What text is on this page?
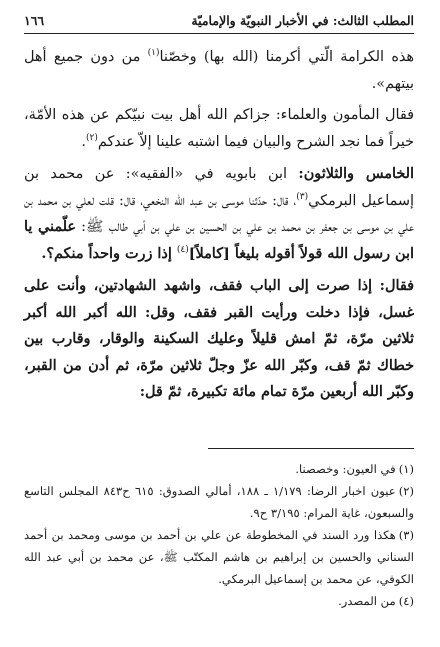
المطلب الثالث: في الأخبار النبويّة والإماميّة
١٦٦

هذه الكرامة الّتي أكرمنا (الله بها) وخصّنا$^{(١)}$ من دون جميع أهل بيتهم».

فقال المأمون والعلماء: جزاكم الله أهل بيت نبيّكم عن هذه الأمّة، خيراً فما نجد الشرح والبيان فيما اشتبه علينا إلاّ عندكم$^{(٢)}$.

الخامس والثلاثون: ابن بابويه في «الفقيه»: عن محمد بن إسماعيل البرمكي$^{(٣)}$، قال: حدّثنا موسى بن عبد الله النخعي، قال: قلت لعلي بن محمد بن علي بن موسى بن جعفر بن محمد بن علي بن الحسين بن علي بن أبي طالب ﷺ: علّمني يا ابن رسول الله قولاً أقوله بليغاً [كاملاً]$^{(٤)}$ إذا زرت واحداً منكم؟.

فقال: إذا صرت إلى الباب فقف، واشهد الشهادتين، وأنت على غسل، فإذا دخلت ورأيت القبر فقف، وقل: الله أكبر الله أكبر ثلاثين مرّة، ثمّ امش قليلاً وعليك السكينة والوقار، وقارب بين خطاك ثمّ قف، وكبّر الله عزّ وجلّ ثلاثين مرّة، ثم أدن من القبر، وكبّر الله أربعين مرّة تمام مائة تكبيرة، ثمّ قل:

(١)في العيون: وخصصنا.

(٢)عيون اخبار الرضا: ١/١٧٩ ـ ١٨٨، أمالي الصدوق: ٦١٥ ح٨٤٣ المجلس التاسع والسبعون، غاية المرام: ٣/١٩٥ ح٩.

(٣)هكذا ورد السند في المخطوطة عن علي بن أحمد بن موسى ومحمد بن أحمد السناني والحسين بن إبراهيم بن هاشم المكتّب ﷺ، عن محمد بن أبي عبد الله الكوفي، عن محمد بن إسماعيل البرمكي.

(٤)من المصدر.
